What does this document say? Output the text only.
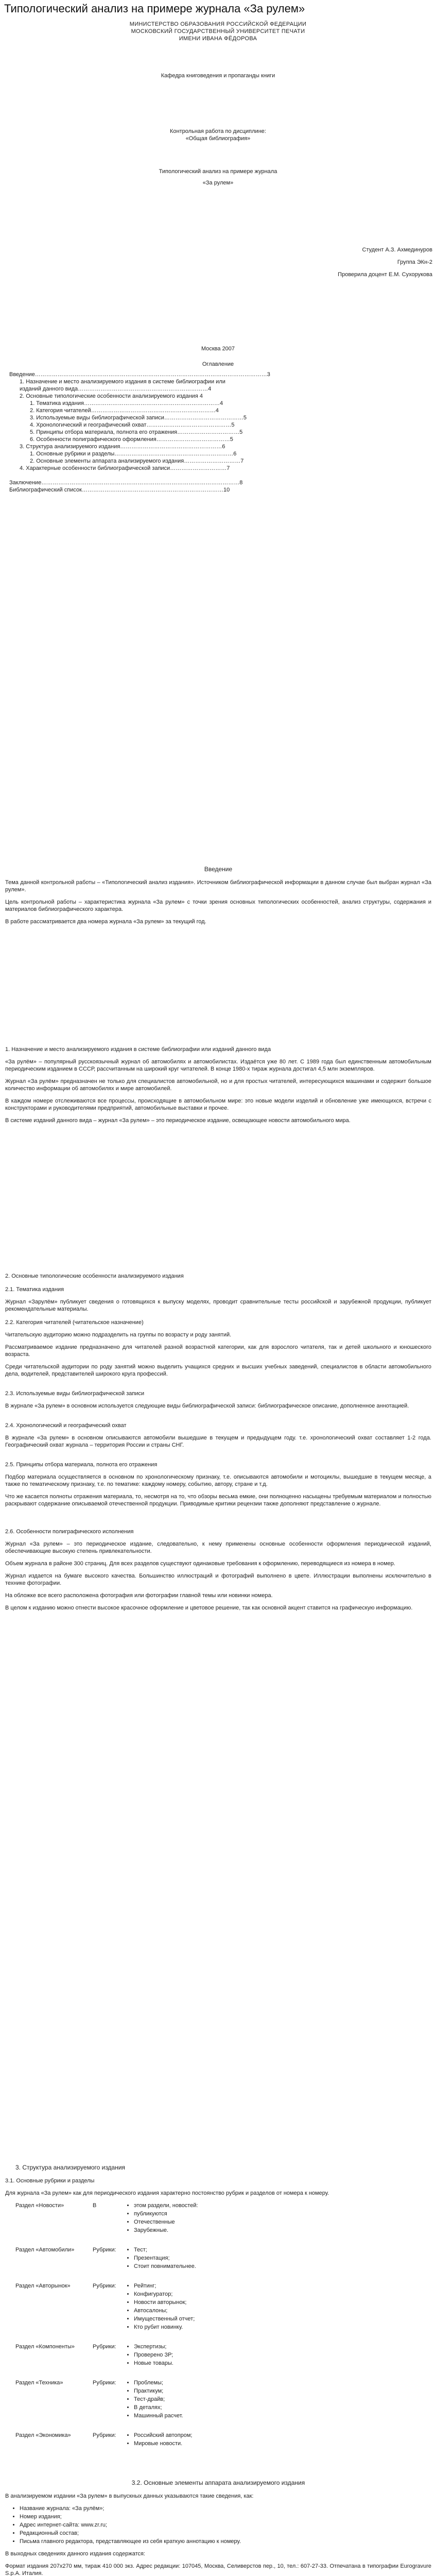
Типологический анализ на примере журнала «За рулем»
МИНИСТЕРСТВО ОБРАЗОВАНИЯ РОССИЙСКОЙ ФЕДЕРАЦИИ
МОСКОВСКИЙ ГОСУДАРСТВЕННЫЙ УНИВЕРСИТЕТ ПЕЧАТИ
ИМЕНИ ИВАНА ФЁДОРОВА
Кафедра книговедения и пропаганды книги
Контрольная работа по дисциплине:
«Общая библиография»
Типологический анализ на примере журнала
«За рулем»
Студент А.З. Ахмединуров
Группа ЭКн-2
Проверила доцент Е.М. Сухорукова
Москва 2007
Оглавление
Введение……………………………………………………………………………………………………………3
1. Назначение и место анализируемого издания в системе библиографии или
изданий данного вида……………………………………………………………4
2. Основные типологические особенности анализируемого издания 4
1. Тематика издания………………………………………………………………4
2. Категория читателей…………………………………………………………4
3. Используемые виды библиографической записи……………………………………5
4. Хронологический и географический охват………………………………………5
5. Принципы отбора материала, полнота его отражения……………………………5
6. Особенности полиграфического оформления…………………………………5
3. Структура анализируемого издания………………………………………………6
1. Основные рубрики и разделы………………………………………………………6
2. Основные элементы аппарата анализируемого издания…………………………7
4. Характерные особенности библиографической записи…………………………7
Заключение……………………………………………………………………………………………8
Библиографический список…………………………………………………………………10
Введение

Тема данной контрольной работы – «Типологический анализ издания». Источником библиографической информации в данном случае был выбран журнал «За рулем».

Цель контрольной работы – характеристика журнала «За рулем» с точки зрения основных типологических особенностей, анализ структуры, содержания и материалов библиографического характера.

В работе рассматривается два номера журнала «За рулем» за текущий год.

1. Назначение и место анализируемого издания в системе библиографии или изданий данного вида

«За рулём» – популярный русскоязычный журнал об автомобилях и автомобилистах. Издаётся уже 80 лет. С 1989 года был единственным автомобильным периодическим изданием в СССР, рассчитанным на широкий круг читателей. В конце 1980-х тираж журнала достигал 4,5 млн экземпляров.

Журнал «За рулём» предназначен не только для специалистов автомобильной, но и для простых читателей, интересующихся машинами и содержит большое количество информации об автомобилях и мире автомобилей.

В каждом номере отслеживаются все процессы, происходящие в автомобильном мире: это новые модели изделий и обновление уже имеющихся, встречи с конструкторами и руководителями предприятий, автомобильные выставки и прочее.

В системе изданий данного вида – журнал «За рулем» – это периодическое издание, освещающее новости автомобильного мира.

2. Основные типологические особенности анализируемого издания

2.1. Тематика издания

Журнал «Зарулём» публикует сведения о готовящихся к выпуску моделях, проводит сравнительные тесты российской и зарубежной продукции, публикует рекомендательные материалы.

2.2. Категория читателей (читательское назначение)

Читательскую аудиторию можно подразделить на группы по возрасту и роду занятий.

Рассматриваемое издание предназначено для читателей разной возрастной категории, как для взрослого читателя, так и детей школьного и юношеского возраста.

Среди читательской аудитории по роду занятий можно выделить учащихся средних и высших учебных заведений, специалистов в области автомобильного дела, водителей, представителей широкого круга профессий.

2.3. Используемые виды библиографической записи

В журнале «За рулем» в основном используется следующие виды библиографической записи: библиографическое описание, дополненное аннотацией.

2.4. Хронологический и географический охват

В журнале «За рулем» в основном описываются автомобили вышедшие в текущем и предыдущем году. т.е. хронологический охват составляет 1-2 года. Географический охват журнала – территория России и страны СНГ.

2.5. Принципы отбора материала, полнота его отражения

Подбор материала осуществляется в основном по хронологическому признаку, т.е. описываются автомобили и мотоциклы, вышедшие в текущем месяце, а также по тематическому признаку, т.е. по тематике: каждому номеру, событию, автору, стране и т.д.

Что же касается полноты отражения материала, то, несмотря на то, что обзоры весьма емкие, они полноценно насыщены требуемым материалом и полностью раскрывают содержание описываемой отечественной продукции. Приводимые критики рецензии также дополняют представление о журнале.

2.6. Особенности полиграфического исполнения

Журнал «За рулем» – это периодическое издание, следовательно, к нему применены основные особенности оформления периодической изданий, обеспечивающие высокую степень привлекательности.

Объем журнала в районе 300 страниц. Для всех разделов существуют одинаковые требования к оформлению, переводящиеся из номера в номер.

Журнал издается на бумаге высокого качества. Большинство иллюстраций и фотографий выполнено в цвете. Иллюстрации выполнены исключительно в технике фотографии.

На обложке все всего расположена фотография или фотографии главной темы или новинки номера.

В целом к изданию можно отнести высокое красочное оформление и цветовое решение, так как основной акцент ставится на графическую информацию.

3. Структура анализируемого издания
3.1. Основные рубрики и разделы

Для журнала «За рулем» как для периодического издания характерно постоянство рубрик и разделов от номера к номеру.

Раздел «Новости»	В	• этом раздели, новостей:
• публикуются
• Отечественные
• Зарубежные.
Раздел «Автомобили»	Рубрики:	• Тест;
• Презентация;
• Стоит повнимательнее.
Раздел «Авторынок»	Рубрики:	• Рейтинг;
• Конфигуратор;
• Новости авторынок;
• Автосалоны;
• Имущественный отчет;
• Кто рубит новинку.
Раздел «Компоненты»	Рубрики:	• Экспертизы;
• Проверено ЗР;
• Новые товары.
Раздел «Техника»	Рубрики:	• Проблемы;
• Практикум;
• Тест-драйв;
• В деталях;
• Машинный расчет.
Раздел «Экономика»	Рубрики:	• Российский автопром;
• Мировые новости.
3.2. Основные элементы аппарата анализируемого издания

В анализируемом издании «За рулем» в выпускных данных указываются такие сведения, как:

• Название журнала: «За рулём»;
• Номер издания;
• Адрес интернет-сайта: www.zr.ru;
• Редакционный состав;
• Письма главного редактора, представляющее из себя краткую аннотацию к номеру.

В выходных сведениях данного издания содержатся:

Формат издания 207х270 мм, тираж 410 000 экз. Адрес редакции: 107045, Москва, Селиверстов пер., 10, тел.: 607-27-33. Отпечатана в типографии Eurogravure S.p.A. Италия.
